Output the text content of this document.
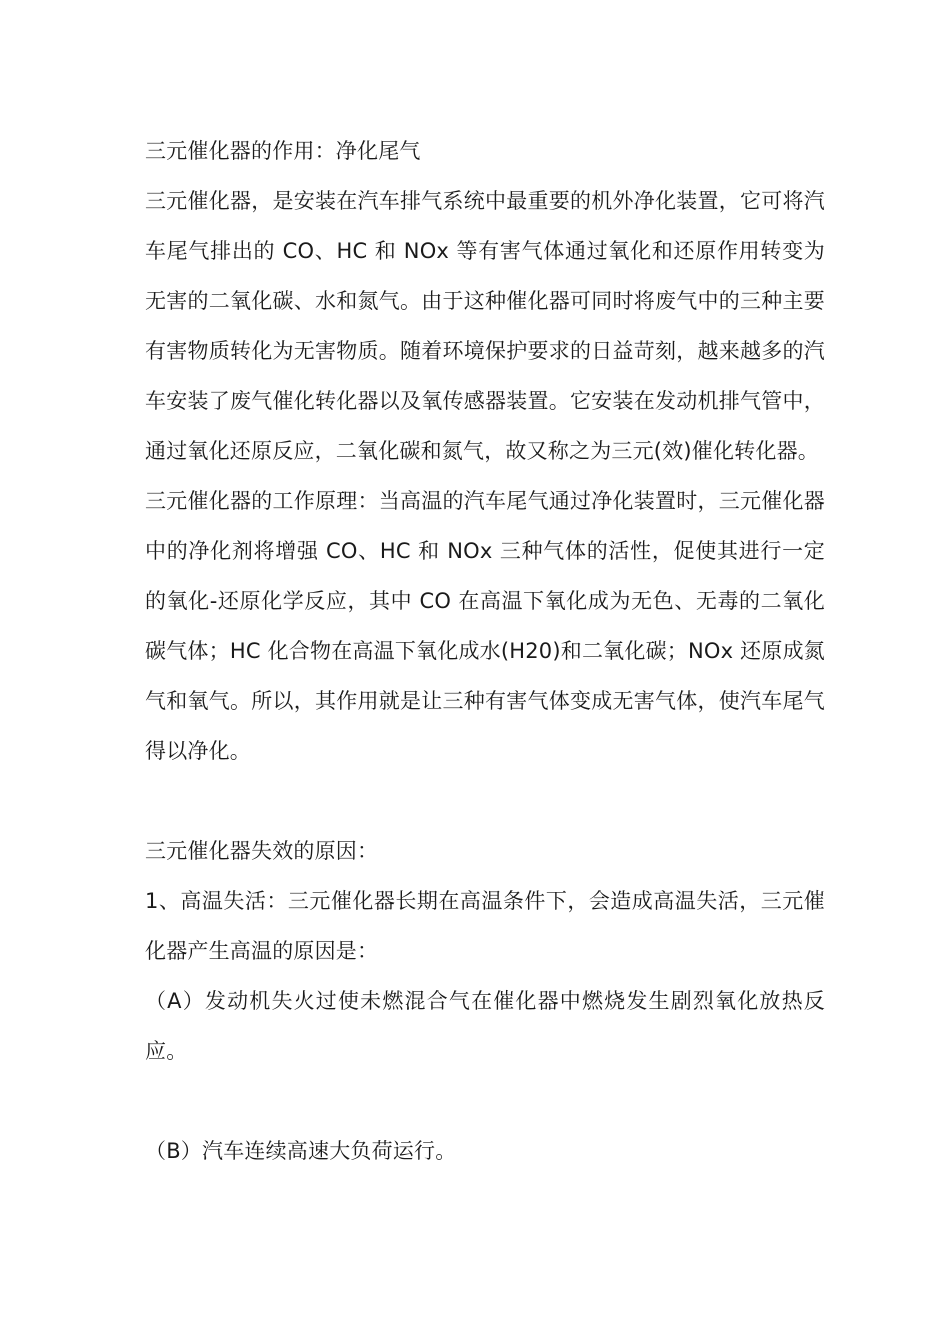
三元催化器的作用：净化尾气

三元催化器，是安装在汽车排气系统中最重要的机外净化装置，它可将汽车尾气排出的 CO、HC 和 NOx 等有害气体通过氧化和还原作用转变为无害的二氧化碳、水和氮气。由于这种催化器可同时将废气中的三种主要有害物质转化为无害物质。随着环境保护要求的日益苛刻，越来越多的汽车安装了废气催化转化器以及氧传感器装置。它安装在发动机排气管中，通过氧化还原反应，二氧化碳和氮气，故又称之为三元(效)催化转化器。

三元催化器的工作原理：当高温的汽车尾气通过净化装置时，三元催化器中的净化剂将增强 CO、HC 和 NOx 三种气体的活性，促使其进行一定的氧化-还原化学反应，其中 CO 在高温下氧化成为无色、无毒的二氧化碳气体；HC 化合物在高温下氧化成水(H20)和二氧化碳；NOx 还原成氮气和氧气。所以，其作用就是让三种有害气体变成无害气体，使汽车尾气得以净化。

三元催化器失效的原因：

1、高温失活：三元催化器长期在高温条件下，会造成高温失活，三元催化器产生高温的原因是：

（A）发动机失火过使未燃混合气在催化器中燃烧发生剧烈氧化放热反应。

（B）汽车连续高速大负荷运行。
